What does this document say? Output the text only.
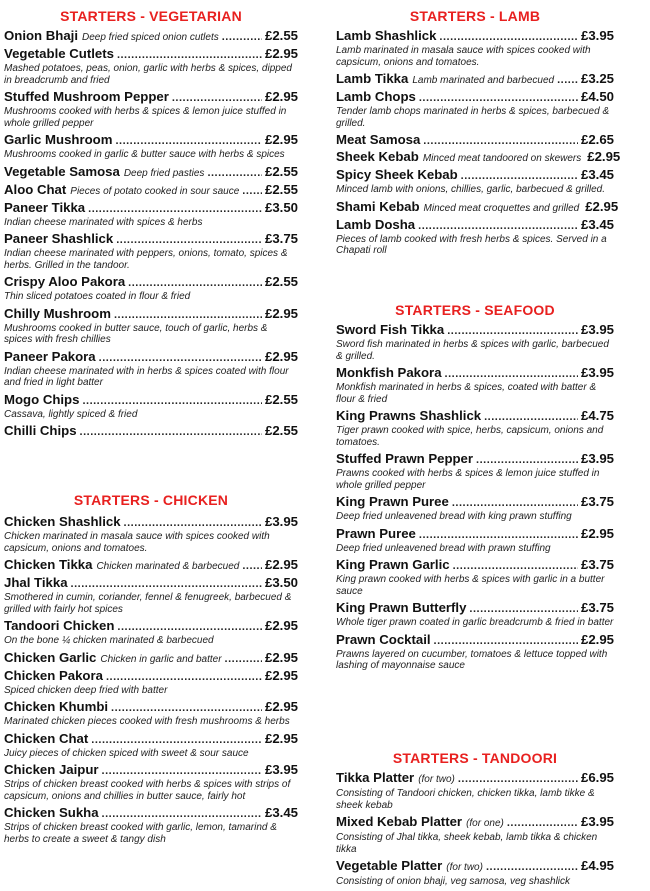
STARTERS - VEGETARIAN
Onion Bhaji Deep fried spiced onion cutlets .....	£2.55
Vegetable Cutlets .....	£2.95
Mashed potatoes, peas, onion, garlic with herbs & spices, dipped in breadcrumb and fried
Stuffed Mushroom Pepper .....	£2.95
Mushrooms cooked with herbs & spices & lemon juice stuffed in whole grilled pepper
Garlic Mushroom .....	£2.95
Mushrooms cooked in garlic & butter sauce with herbs & spices
Vegetable Samosa Deep fried pasties .....	£2.55
Aloo Chat Pieces of potato cooked in sour sauce ..... £2.55
Paneer Tikka .....	£3.50
Indian cheese marinated with spices & herbs
Paneer Shashlick .....	£3.75
Indian cheese marinated with peppers, onions, tomato, spices & herbs. Grilled in the tandoor.
Crispy Aloo Pakora .....	£2.55
Thin sliced potatoes coated in flour & fried
Chilly Mushroom .....	£2.95
Mushrooms cooked in butter sauce, touch of garlic, herbs & spices with fresh chillies
Paneer Pakora .....	£2.95
Indian cheese marinated with in herbs & spices coated with flour and fried in light batter
Mogo Chips .....	£2.55
Cassava, lightly spiced & fried
Chilli Chips .....	£2.55
STARTERS - CHICKEN
Chicken Shashlick .....	£3.95
Chicken marinated in masala sauce with spices cooked with capsicum, onions and tomatoes.
Chicken Tikka Chicken marinated & barbecued ..... £2.95
Jhal Tikka .....	£3.50
Smothered in cumin, coriander, fennel & fenugreek, barbecued & grilled with fairly hot spices
Tandoori Chicken .....	£2.95
On the bone ¼ chicken marinated & barbecued
Chicken Garlic Chicken in garlic and batter .....	£2.95
Chicken Pakora .....	£2.95
Spiced chicken deep fried with batter
Chicken Khumbi .....	£2.95
Marinated chicken pieces cooked with fresh mushrooms & herbs
Chicken Chat .....	£2.95
Juicy pieces of chicken spiced with sweet & sour sauce
Chicken Jaipur .....	£3.95
Strips of chicken breast cooked with herbs & spices with strips of capsicum, onions and chillies in butter sauce, fairly hot
Chicken Sukha .....	£3.45
Strips of chicken breast cooked with garlic, lemon, tamarind & herbs to create a sweet & tangy dish
STARTERS - LAMB
Lamb Shashlick .....	£3.95
Lamb marinated in masala sauce with spices cooked with capsicum, onions and tomatoes.
Lamb Tikka Lamb marinated and barbecued ..... £3.25
Lamb Chops .....	£4.50
Tender lamb chops marinated in herbs & spices, barbecued & grilled.
Meat Samosa .....	£2.65
Sheek Kebab Minced meat tandoored on skewers £2.95
Spicy Sheek Kebab .....	£3.45
Minced lamb with onions, chillies, garlic, barbecued & grilled.
Shami Kebab Minced meat croquettes and grilled £2.95
Lamb Dosha .....	£3.45
Pieces of lamb cooked with fresh herbs & spices. Served in a Chapati roll
STARTERS - SEAFOOD
Sword Fish Tikka .....	£3.95
Sword fish marinated in herbs & spices with garlic, barbecued & grilled.
Monkfish Pakora .....	£3.95
Monkfish marinated in herbs & spices, coated with batter & flour & fried
King Prawns Shashlick .....	£4.75
Tiger prawn cooked with spice, herbs, capsicum, onions and tomatoes.
Stuffed Prawn Pepper .....	£3.95
Prawns cooked with herbs & spices & lemon juice stuffed in whole grilled pepper
King Prawn Puree .....	£3.75
Deep fried unleavened bread with king prawn stuffing
Prawn Puree .....	£2.95
Deep fried unleavened bread with prawn stuffing
King Prawn Garlic .....	£3.75
King prawn cooked with herbs & spices with garlic in a butter sauce
King Prawn Butterfly .....	£3.75
Whole tiger prawn coated in garlic breadcrumb & fried in batter
Prawn Cocktail .....	£2.95
Prawns layered on cucumber, tomatoes & lettuce topped with lashing of mayonnaise sauce
STARTERS - TANDOORI
Tikka Platter (for two) .....	£6.95
Consisting of Tandoori chicken, chicken tikka, lamb tikke & sheek kebab
Mixed Kebab Platter (for one) .....	£3.95
Consisting of Jhal tikka, sheek kebab, lamb tikka & chicken tikka
Vegetable Platter (for two) .....	£4.95
Consisting of onion bhaji, veg samosa, veg shashlick
